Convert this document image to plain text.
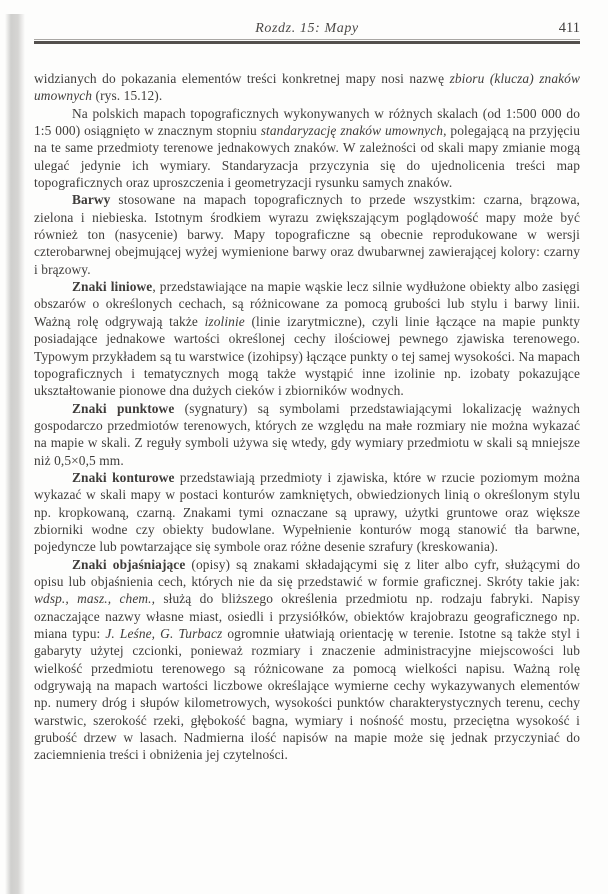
Rozdz. 15: Mapy	411

widzianych do pokazania elementów treści konkretnej mapy nosi nazwę zbioru (klucza) znaków umownych (rys. 15.12).

Na polskich mapach topograficznych wykonywanych w różnych skalach (od 1:500 000 do 1:5 000) osiągnięto w znacznym stopniu standaryzację znaków umownych, polegającą na przyjęciu na te same przedmioty terenowe jednakowych znaków. W zależności od skali mapy zmianie mogą ulegać jedynie ich wymiary. Standaryzacja przyczynia się do ujednolicenia treści map topograficznych oraz uproszczenia i geometryzacji rysunku samych znaków.

Barwy stosowane na mapach topograficznych to przede wszystkim: czarna, brązowa, zielona i niebieska. Istotnym środkiem wyrazu zwiększającym poglądowość mapy może być również ton (nasycenie) barwy. Mapy topograficzne są obecnie reprodukowane w wersji czterobarwnej obejmującej wyżej wymienione barwy oraz dwubarwnej zawierającej kolory: czarny i brązowy.

Znaki liniowe, przedstawiające na mapie wąskie lecz silnie wydłużone obiekty albo zasięgi obszarów o określonych cechach, są różnicowane za pomocą grubości lub stylu i barwy linii. Ważną rolę odgrywają także izolinie (linie izarytmiczne), czyli linie łączące na mapie punkty posiadające jednakowe wartości określonej cechy ilościowej pewnego zjawiska terenowego. Typowym przykładem są tu warstwice (izohipsy) łączące punkty o tej samej wysokości. Na mapach topograficznych i tematycznych mogą także wystąpić inne izolinie np. izobaty pokazujące ukształtowanie pionowe dna dużych cieków i zbiorników wodnych.

Znaki punktowe (sygnatury) są symbolami przedstawiającymi lokalizację ważnych gospodarczo przedmiotów terenowych, których ze względu na małe rozmiary nie można wykazać na mapie w skali. Z reguły symboli używa się wtedy, gdy wymiary przedmiotu w skali są mniejsze niż 0,5×0,5 mm.

Znaki konturowe przedstawiają przedmioty i zjawiska, które w rzucie poziomym można wykazać w skali mapy w postaci konturów zamkniętych, obwiedzionych linią o określonym stylu np. kropkowaną, czarną. Znakami tymi oznaczane są uprawy, użytki gruntowe oraz większe zbiorniki wodne czy obiekty budowlane. Wypełnienie konturów mogą stanowić tła barwne, pojedyncze lub powtarzające się symbole oraz różne desenie szrafury (kreskowania).

Znaki objaśniające (opisy) są znakami składającymi się z liter albo cyfr, służącymi do opisu lub objaśnienia cech, których nie da się przedstawić w formie graficznej. Skróty takie jak: wdsp., masz., chem., służą do bliższego określenia przedmiotu np. rodzaju fabryki. Napisy oznaczające nazwy własne miast, osiedli i przysiółków, obiektów krajobrazu geograficznego np. miana typu: J. Leśne, G. Turbacz ogromnie ułatwiają orientację w terenie. Istotne są także styl i gabaryty użytej czcionki, ponieważ rozmiary i znaczenie administracyjne miejscowości lub wielkość przedmiotu terenowego są różnicowane za pomocą wielkości napisu. Ważną rolę odgrywają na mapach wartości liczbowe określające wymierne cechy wykazywanych elementów np. numery dróg i słupów kilometrowych, wysokości punktów charakterystycznych terenu, cechy warstwic, szerokość rzeki, głębokość bagna, wymiary i nośność mostu, przeciętna wysokość i grubość drzew w lasach. Nadmierna ilość napisów na mapie może się jednak przyczyniać do zaciemnienia treści i obniżenia jej czytelności.
